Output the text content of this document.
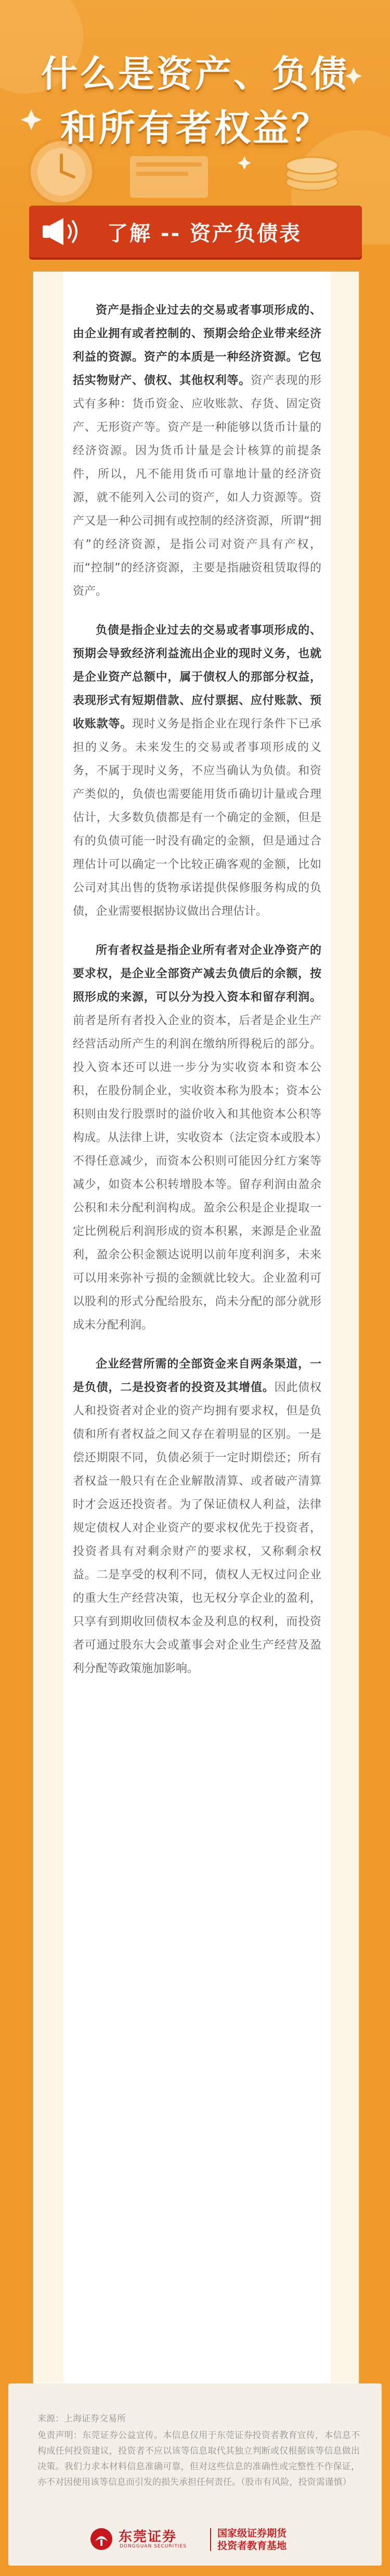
什么是资产、负债
和所有者权益？
了解 -- 资产负债表

资产是指企业过去的交易或者事项形成的、由企业拥有或者控制的、预期会给企业带来经济利益的资源。资产的本质是一种经济资源。它包括实物财产、债权、其他权利等。资产表现的形式有多种：货币资金、应收账款、存货、固定资产、无形资产等。资产是一种能够以货币计量的经济资源。因为货币计量是会计核算的前提条件，所以，凡不能用货币可靠地计量的经济资源，就不能列入公司的资产，如人力资源等。资产又是一种公司拥有或控制的经济资源，所谓“拥有”的经济资源，是指公司对资产具有产权，而“控制”的经济资源，主要是指融资租赁取得的资产。

负债是指企业过去的交易或者事项形成的、预期会导致经济利益流出企业的现时义务，也就是企业资产总额中，属于债权人的那部分权益，表现形式有短期借款、应付票据、应付账款、预收账款等。现时义务是指企业在现行条件下已承担的义务。未来发生的交易或者事项形成的义务，不属于现时义务，不应当确认为负债。和资产类似的，负债也需要能用货币确切计量或合理估计，大多数负债都是有一个确定的金额，但是有的负债可能一时没有确定的金额，但是通过合理估计可以确定一个比较正确客观的金额，比如公司对其出售的货物承诺提供保修服务构成的负债，企业需要根据协议做出合理估计。

所有者权益是指企业所有者对企业净资产的要求权，是企业全部资产减去负债后的余额，按照形成的来源，可以分为投入资本和留存利润。前者是所有者投入企业的资本，后者是企业生产经营活动所产生的利润在缴纳所得税后的部分。投入资本还可以进一步分为实收资本和资本公积，在股份制企业，实收资本称为股本；资本公积则由发行股票时的溢价收入和其他资本公积等构成。从法律上讲，实收资本（法定资本或股本）不得任意减少，而资本公积则可能因分红方案等减少，如资本公积转增股本等。留存利润由盈余公积和未分配利润构成。盈余公积是企业提取一定比例税后利润形成的资本积累，来源是企业盈利，盈余公积金额达说明以前年度利润多，未来可以用来弥补亏损的金额就比较大。企业盈利可以股利的形式分配给股东，尚未分配的部分就形成未分配利润。

企业经营所需的全部资金来自两条渠道，一是负债，二是投资者的投资及其增值。因此债权人和投资者对企业的资产均拥有要求权，但是负债和所有者权益之间又存在着明显的区别。一是偿还期限不同，负债必须于一定时期偿还；所有者权益一般只有在企业解散清算、或者破产清算时才会返还投资者。为了保证债权人利益，法律规定债权人对企业资产的要求权优先于投资者，投资者具有对剩余财产的要求权，又称剩余权益。二是享受的权利不同，债权人无权过问企业的重大生产经营决策，也无权分享企业的盈利，只享有到期收回债权本金及利息的权利，而投资者可通过股东大会或董事会对企业生产经营及盈利分配等政策施加影响。

来源：上海证券交易所
免责声明：东莞证券公益宣传。本信息仅用于东莞证券投资者教育宣传，本信息不构成任何投资建议，投资者不应以该等信息取代其独立判断或仅根据该等信息做出决策。我们力求本材料信息准确可靠，但对这些信息的准确性或完整性不作保证，亦不对因使用该等信息而引发的损失承担任何责任。（股市有风险，投资需谨慎）
东莞证券
DONGGUAN SECURITIES
国家级证券期货
投资者教育基地
